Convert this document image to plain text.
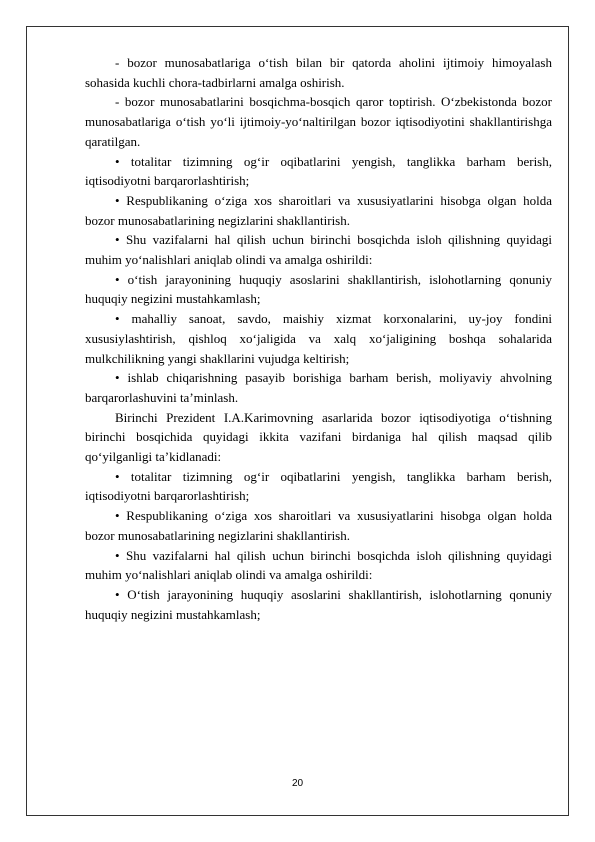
- bozor munosabatlariga o‘tish bilan bir qatorda aholini ijtimoiy himoyalash sohasida kuchli chora-tadbirlarni amalga oshirish.

- bozor munosabatlarini bosqichma-bosqich qaror toptirish. O‘zbekistonda bozor munosabatlariga o‘tish yo‘li ijtimoiy-yo‘naltirilgan bozor iqtisodiyotini shakllantirishga qaratilgan.

• totalitar tizimning og‘ir oqibatlarini yengish, tanglikka barham berish, iqtisodiyotni barqarorlashtirish;

• Respublikaning o‘ziga xos sharoitlari va xususiyatlarini hisobga olgan holda bozor munosabatlarining negizlarini shakllantirish.

• Shu vazifalarni hal qilish uchun birinchi bosqichda isloh qilishning quyidagi muhim yo‘nalishlari aniqlab olindi va amalga oshirildi:

• o‘tish jarayonining huquqiy asoslarini shakllantirish, islohotlarning qonuniy huquqiy negizini mustahkamlash;

• mahalliy sanoat, savdo, maishiy xizmat korxonalarini, uy-joy fondini xususiylashtirish, qishloq xo‘jaligida va xalq xo‘jaligining boshqa sohalarida mulkchilikning yangi shakllarini vujudga keltirish;

• ishlab chiqarishning pasayib borishiga barham berish, moliyaviy ahvolning barqarorlashuvini ta’minlash.

Birinchi Prezident I.A.Karimovning asarlarida bozor iqtisodiyotiga o‘tishning birinchi bosqichida quyidagi ikkita vazifani birdaniga hal qilish maqsad qilib qo‘yilganligi ta’kidlanadi:

• totalitar tizimning og‘ir oqibatlarini yengish, tanglikka barham berish, iqtisodiyotni barqarorlashtirish;

• Respublikaning o‘ziga xos sharoitlari va xususiyatlarini hisobga olgan holda bozor munosabatlarining negizlarini shakllantirish.

• Shu vazifalarni hal qilish uchun birinchi bosqichda isloh qilishning quyidagi muhim yo‘nalishlari aniqlab olindi va amalga oshirildi:

• O‘tish jarayonining huquqiy asoslarini shakllantirish, islohotlarning qonuniy huquqiy negizini mustahkamlash;

20
